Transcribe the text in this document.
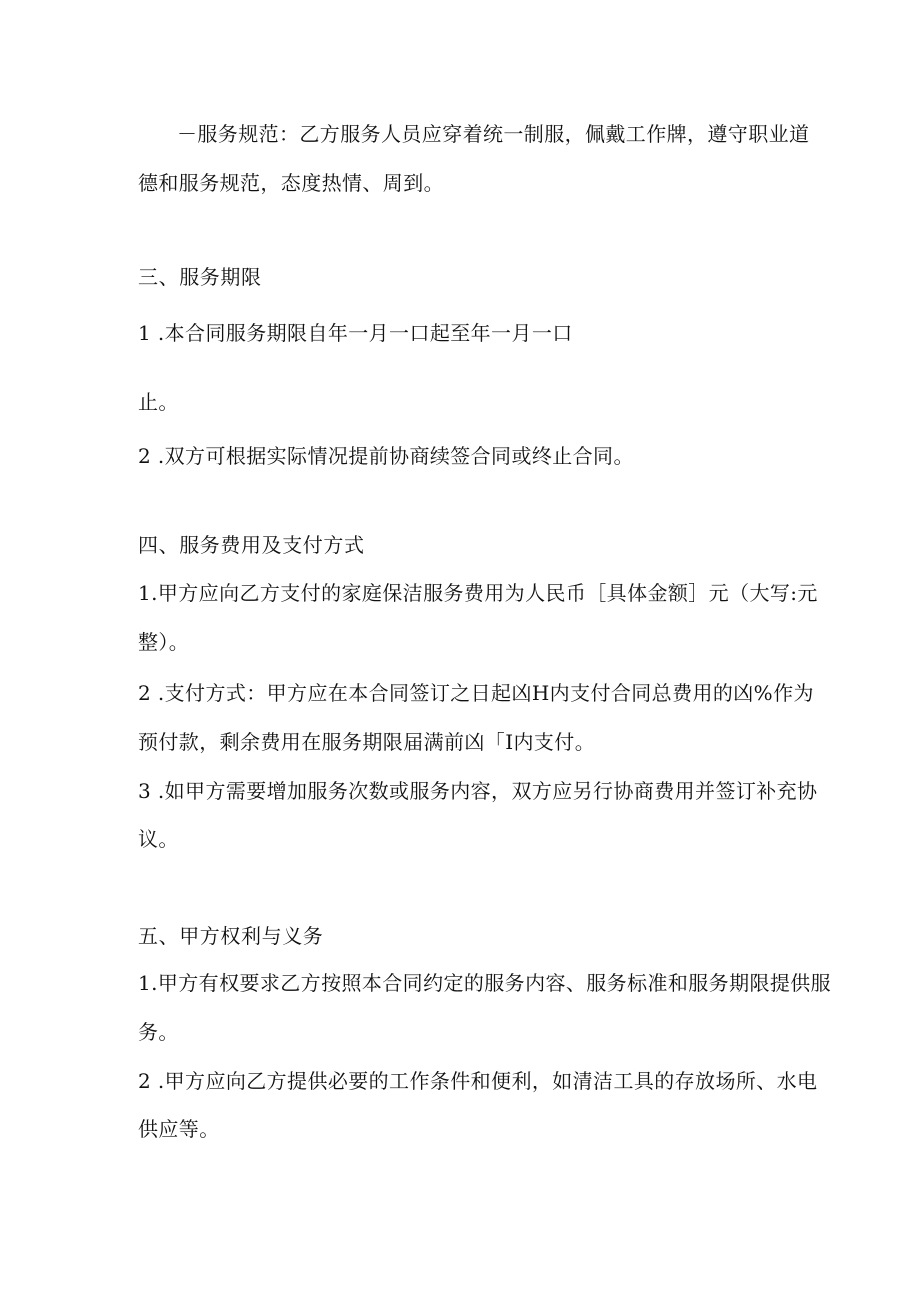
－服务规范：乙方服务人员应穿着统一制服，佩戴工作牌，遵守职业道
德和服务规范，态度热情、周到。
三、服务期限
1 .本合同服务期限自年一月一口起至年一月一口
止。
2 .双方可根据实际情况提前协商续签合同或终止合同。
四、服务费用及支付方式
1.甲方应向乙方支付的家庭保洁服务费用为人民币［具体金额］元（大写:元
整）。
2 .支付方式：甲方应在本合同签订之日起凶H内支付合同总费用的凶%作为
预付款，剩余费用在服务期限届满前凶「I内支付。
3 .如甲方需要增加服务次数或服务内容，双方应另行协商费用并签订补充协
议。
五、甲方权利与义务
1.甲方有权要求乙方按照本合同约定的服务内容、服务标准和服务期限提供服
务。
2 .甲方应向乙方提供必要的工作条件和便利，如清洁工具的存放场所、水电
供应等。
